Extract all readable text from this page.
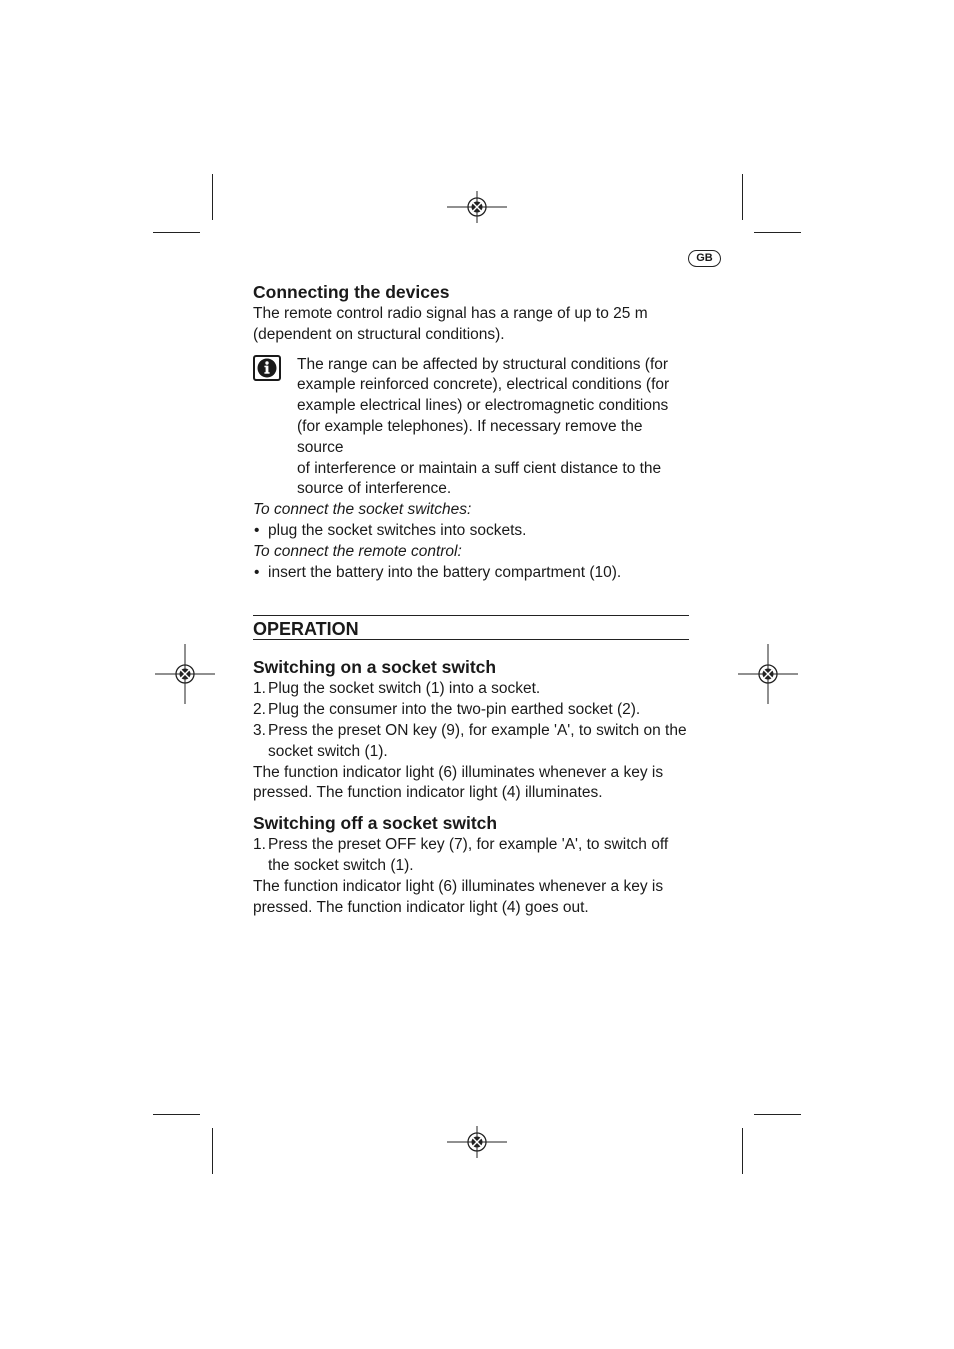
GB
Connecting the devices

The remote control radio signal has a range of up to 25 m

(dependent on structural conditions).

The range can be affected by structural conditions (for

example reinforced concrete), electrical conditions (for

example electrical lines) or electromagnetic conditions

(for example telephones). If necessary remove the source

of interference or maintain a suff cient distance to the

source of interference.

To connect the socket switches:

• plug the socket switches into sockets.

To connect the remote control:

• insert the battery into the battery compartment (10).

OPERATION
Switching on a socket switch
1. Plug the socket switch (1) into a socket.
2. Plug the consumer into the two-pin earthed socket (2).
3. Press the preset ON key (9), for example 'A', to switch on the
socket switch (1).

The function indicator light (6) illuminates whenever a key is

pressed. The function indicator light (4) illuminates.

Switching off a socket switch
1. Press the preset OFF key (7), for example 'A', to switch off
the socket switch (1).

The function indicator light (6) illuminates whenever a key is

pressed. The function indicator light (4) goes out.
